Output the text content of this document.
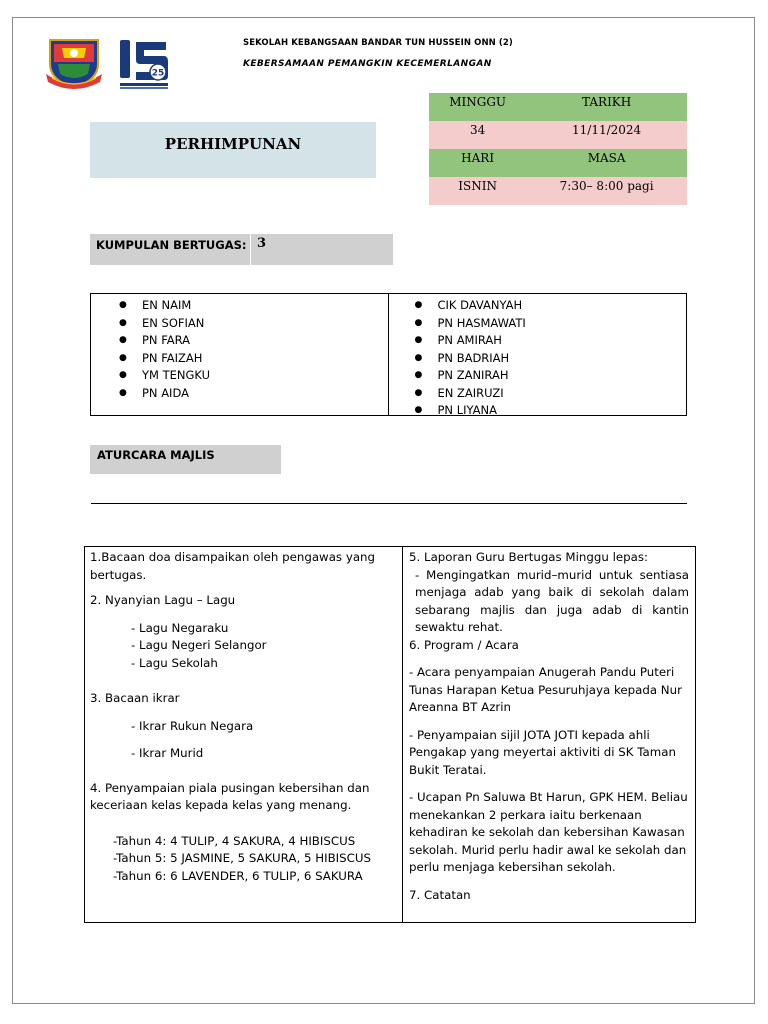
25
SEKOLAH KEBANGSAAN BANDAR TUN HUSSEIN ONN (2)
KEBERSAMAAN PEMANGKIN KECEMERLANGAN
PERHIMPUNAN
MINGGU	TARIKH

34	11/11/2024

HARI	MASA

ISNIN	7:30– 8:00 pagi
KUMPULAN BERTUGAS: 3
● EN NAIM
● EN SOFIAN
● PN FARA
● PN FAIZAH
● YM TENGKU
● PN AIDA
● CIK DAVANYAH
● PN HASMAWATI
● PN AMIRAH
● PN BADRIAH
● PN ZANIRAH
● EN ZAIRUZI
● PN LIYANA
ATURCARA MAJLIS

1.Bacaan doa disampaikan oleh pengawas yang bertugas.

2. Nyanyian Lagu – Lagu

- Lagu Negaraku

- Lagu Negeri Selangor

- Lagu Sekolah

3. Bacaan ikrar

- Ikrar Rukun Negara

- Ikrar Murid

4. Penyampaian piala pusingan kebersihan dan keceriaan kelas kepada kelas yang menang.

-Tahun 4: 4 TULIP, 4 SAKURA, 4 HIBISCUS

-Tahun 5: 5 JASMINE, 5 SAKURA, 5 HIBISCUS

-Tahun 6: 6 LAVENDER, 6 TULIP, 6 SAKURA

5. Laporan Guru Bertugas Minggu lepas:

- Mengingatkan murid–murid untuk sentiasa menjaga adab yang baik di sekolah dalam sebarang majlis dan juga adab di kantin sewaktu rehat.

6. Program / Acara

- Acara penyampaian Anugerah Pandu Puteri Tunas Harapan Ketua Pesuruhjaya kepada Nur Areanna BT Azrin

- Penyampaian sijil JOTA JOTI kepada ahli Pengakap yang meyertai aktiviti di SK Taman Bukit Teratai.

- Ucapan Pn Saluwa Bt Harun, GPK HEM. Beliau menekankan 2 perkara iaitu berkenaan kehadiran ke sekolah dan kebersihan Kawasan sekolah. Murid perlu hadir awal ke sekolah dan perlu menjaga kebersihan sekolah.

7. Catatan
